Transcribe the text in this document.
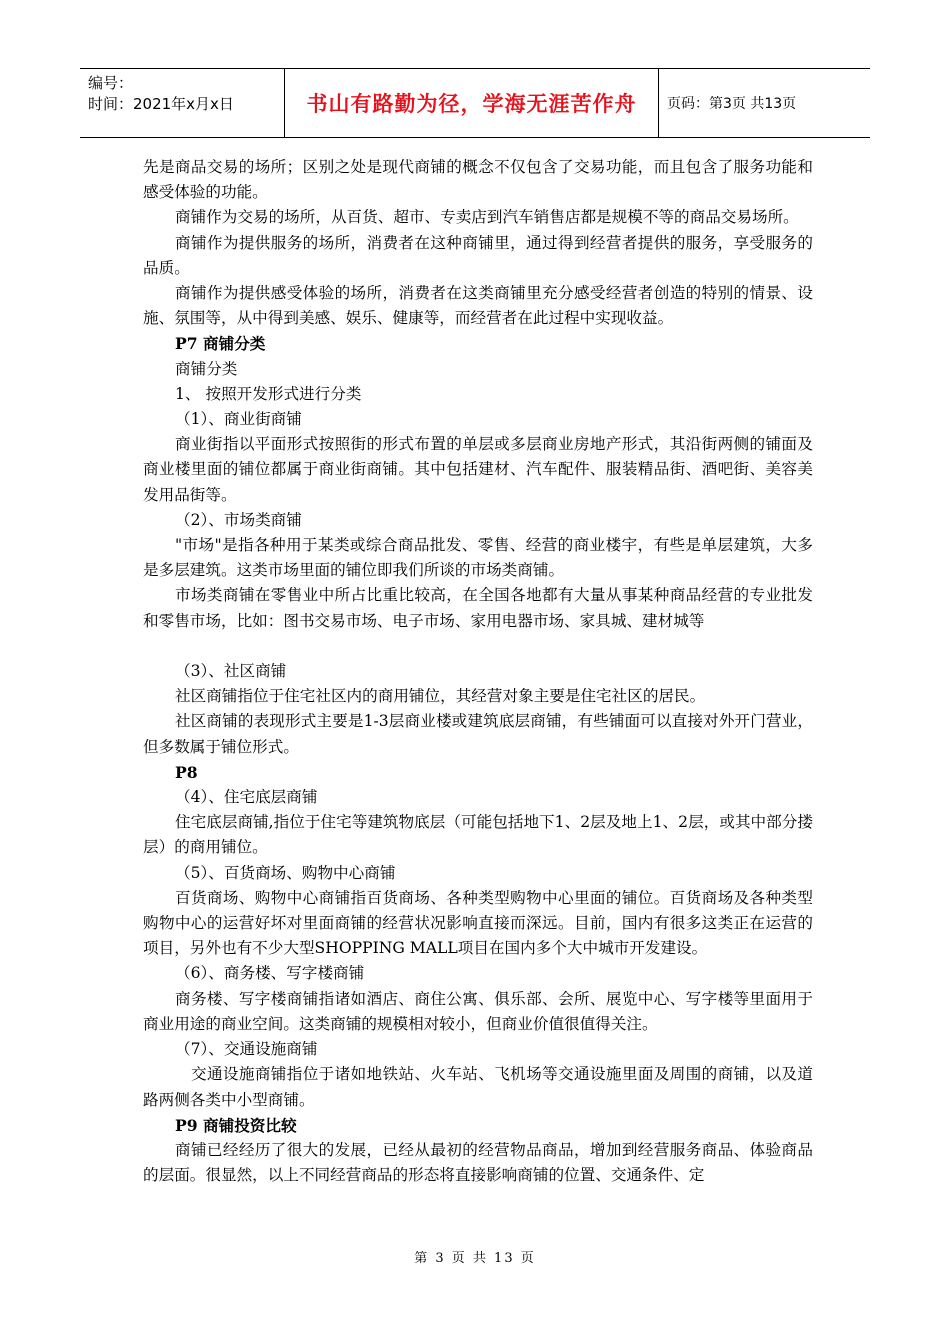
编号：
时间：2021年x月x日	书山有路勤为径，学海无涯苦作舟	页码：第3页 共13页

先是商品交易的场所；区别之处是现代商铺的概念不仅包含了交易功能，而且包含了服务功能和感受体验的功能。

商铺作为交易的场所，从百货、超市、专卖店到汽车销售店都是规模不等的商品交易场所。

商铺作为提供服务的场所，消费者在这种商铺里，通过得到经营者提供的服务，享受服务的品质。

商铺作为提供感受体验的场所，消费者在这类商铺里充分感受经营者创造的特别的情景、设施、氛围等，从中得到美感、娱乐、健康等，而经营者在此过程中实现收益。

P7 商铺分类

商铺分类

1、 按照开发形式进行分类

（1）、商业街商铺

商业街指以平面形式按照街的形式布置的单层或多层商业房地产形式，其沿街两侧的铺面及商业楼里面的铺位都属于商业街商铺。其中包括建材、汽车配件、服装精品街、酒吧街、美容美发用品街等。

（2）、市场类商铺

"市场"是指各种用于某类或综合商品批发、零售、经营的商业楼宇，有些是单层建筑，大多是多层建筑。这类市场里面的铺位即我们所谈的市场类商铺。

市场类商铺在零售业中所占比重比较高，在全国各地都有大量从事某种商品经营的专业批发和零售市场，比如：图书交易市场、电子市场、家用电器市场、家具城、建材城等

（3）、社区商铺

社区商铺指位于住宅社区内的商用铺位，其经营对象主要是住宅社区的居民。

社区商铺的表现形式主要是1-3层商业楼或建筑底层商铺，有些铺面可以直接对外开门营业，但多数属于铺位形式。

P8

（4）、住宅底层商铺

住宅底层商铺,指位于住宅等建筑物底层（可能包括地下1、2层及地上1、2层，或其中部分搂层）的商用铺位。

（5）、百货商场、购物中心商铺

百货商场、购物中心商铺指百货商场、各种类型购物中心里面的铺位。百货商场及各种类型购物中心的运营好坏对里面商铺的经营状况影响直接而深远。目前，国内有很多这类正在运营的项目，另外也有不少大型SHOPPING MALL项目在国内多个大中城市开发建设。

（6）、商务楼、写字楼商铺

商务楼、写字楼商铺指诸如酒店、商住公寓、俱乐部、会所、展览中心、写字楼等里面用于商业用途的商业空间。这类商铺的规模相对较小，但商业价值很值得关注。

（7）、交通设施商铺

交通设施商铺指位于诸如地铁站、火车站、飞机场等交通设施里面及周围的商铺，以及道路两侧各类中小型商铺。

P9 商铺投资比较

商铺已经经历了很大的发展，已经从最初的经营物品商品，增加到经营服务商品、体验商品的层面。很显然，以上不同经营商品的形态将直接影响商铺的位置、交通条件、定

第 3 页 共 13 页
